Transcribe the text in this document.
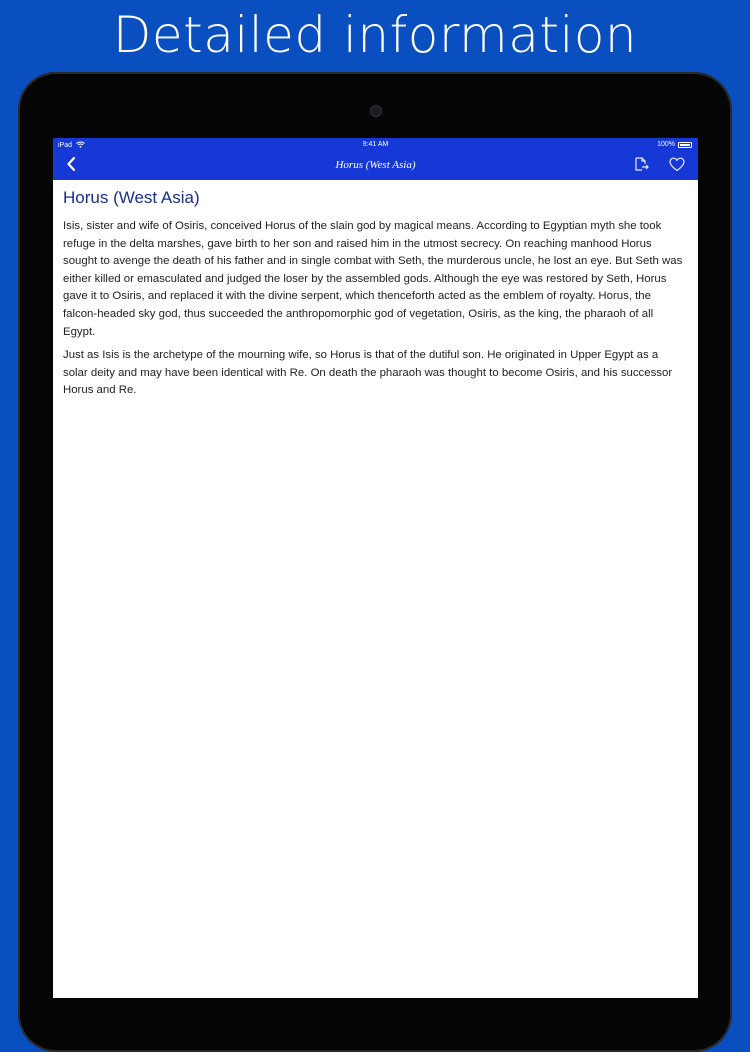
Detailed information
iPad	9:41 AM	100%
Horus (West Asia)
Horus (West Asia)

Isis, sister and wife of Osiris, conceived Horus of the slain god by magical means. According to Egyptian myth she took refuge in the delta marshes, gave birth to her son and raised him in the utmost secrecy. On reaching manhood Horus sought to avenge the death of his father and in single combat with Seth, the murderous uncle, he lost an eye. But Seth was either killed or emasculated and judged the loser by the assembled gods. Although the eye was restored by Seth, Horus gave it to Osiris, and replaced it with the divine serpent, which thenceforth acted as the emblem of royalty. Horus, the falcon-headed sky god, thus succeeded the anthropomorphic god of vegetation, Osiris, as the king, the pharaoh of all Egypt.

Just as Isis is the archetype of the mourning wife, so Horus is that of the dutiful son. He originated in Upper Egypt as a solar deity and may have been identical with Re. On death the pharaoh was thought to become Osiris, and his successor Horus and Re.
